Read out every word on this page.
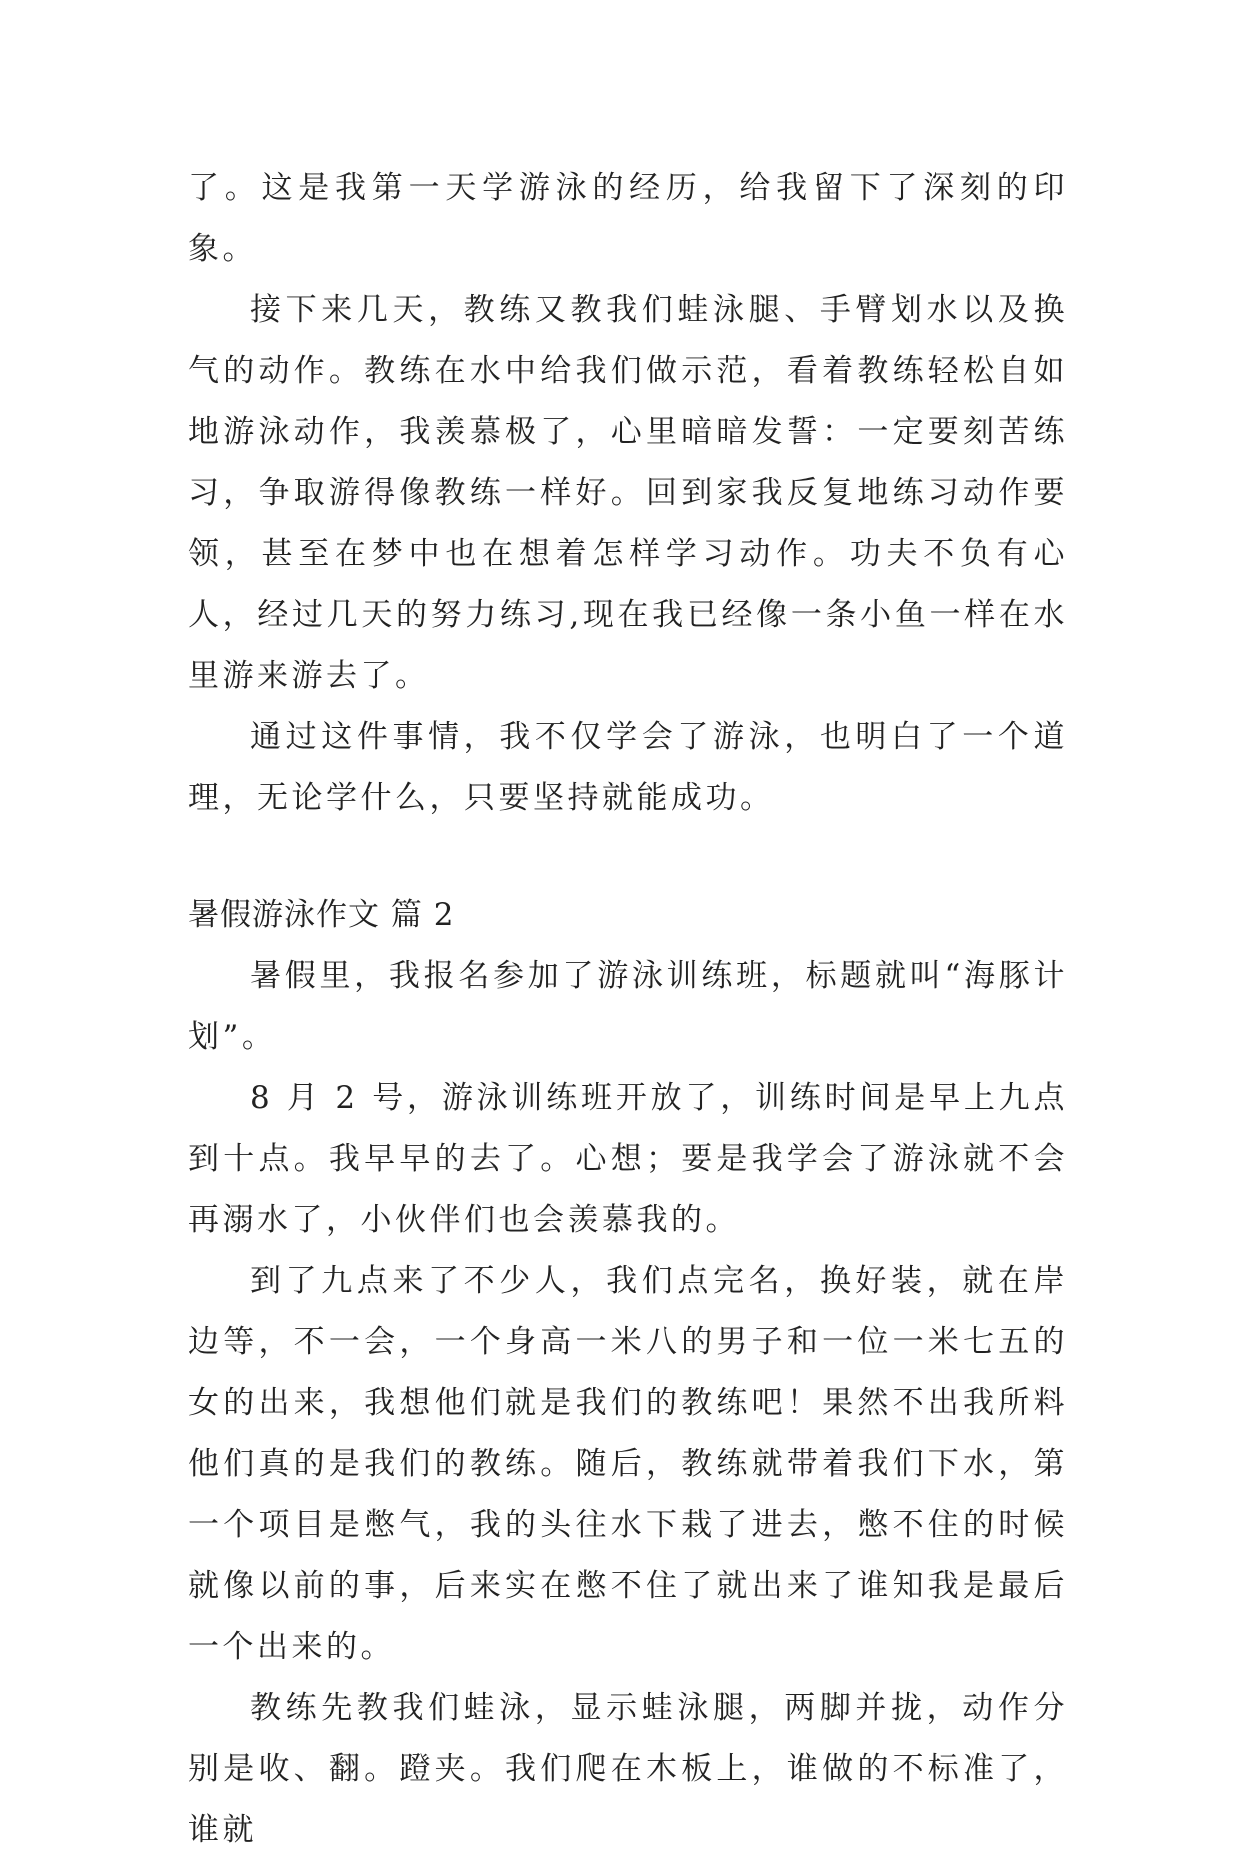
了。这是我第一天学游泳的经历，给我留下了深刻的印象。

接下来几天，教练又教我们蛙泳腿、手臂划水以及换气的动作。教练在水中给我们做示范，看着教练轻松自如地游泳动作，我羡慕极了，心里暗暗发誓：一定要刻苦练习，争取游得像教练一样好。回到家我反复地练习动作要领，甚至在梦中也在想着怎样学习动作。功夫不负有心人，经过几天的努力练习,现在我已经像一条小鱼一样在水里游来游去了。

通过这件事情，我不仅学会了游泳，也明白了一个道理，无论学什么，只要坚持就能成功。

暑假游泳作文 篇 2

暑假里，我报名参加了游泳训练班，标题就叫“海豚计划”。

8 月 2 号，游泳训练班开放了，训练时间是早上九点到十点。我早早的去了。心想；要是我学会了游泳就不会再溺水了，小伙伴们也会羡慕我的。

到了九点来了不少人，我们点完名，换好装，就在岸边等，不一会，一个身高一米八的男子和一位一米七五的女的出来，我想他们就是我们的教练吧！果然不出我所料他们真的是我们的教练。随后，教练就带着我们下水，第一个项目是憋气，我的头往水下栽了进去，憋不住的时候就像以前的事，后来实在憋不住了就出来了谁知我是最后一个出来的。

教练先教我们蛙泳，显示蛙泳腿，两脚并拢，动作分别是收、翻。蹬夹。我们爬在木板上，谁做的不标准了，谁就
